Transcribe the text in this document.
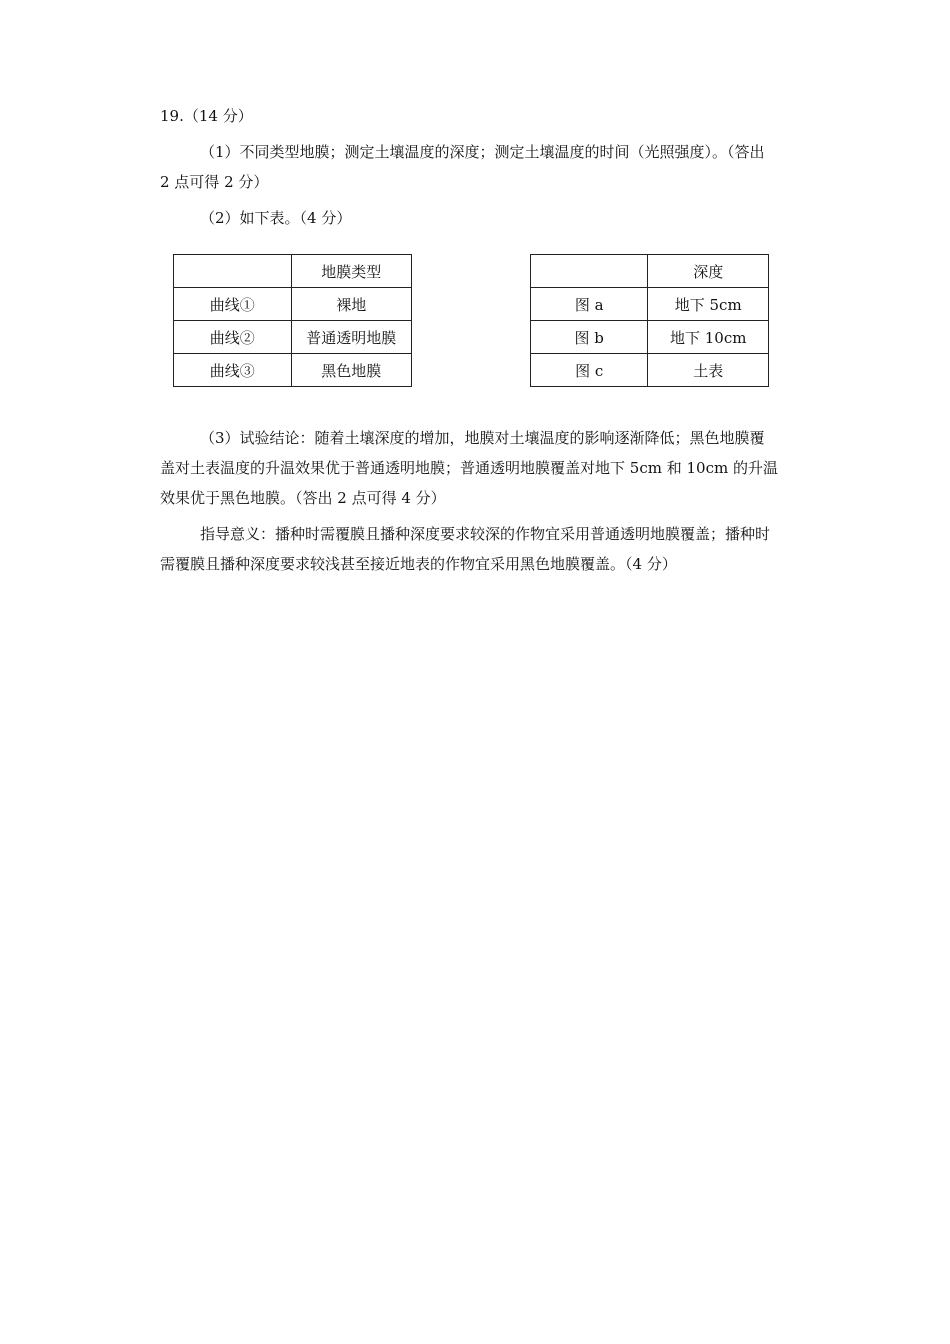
19.（14 分）
（1）不同类型地膜；测定土壤温度的深度；测定土壤温度的时间（光照强度）。（答出
2 点可得 2 分）
（2）如下表。（4 分）
	地膜类型
曲线①	裸地
曲线②	普通透明地膜
曲线③	黑色地膜
	深度
图 a	地下 5cm
图 b	地下 10cm
图 c	土表
（3）试验结论：随着土壤深度的增加，地膜对土壤温度的影响逐渐降低；黑色地膜覆
盖对土表温度的升温效果优于普通透明地膜；普通透明地膜覆盖对地下 5cm 和 10cm 的升温
效果优于黑色地膜。（答出 2 点可得 4 分）
指导意义：播种时需覆膜且播种深度要求较深的作物宜采用普通透明地膜覆盖；播种时
需覆膜且播种深度要求较浅甚至接近地表的作物宜采用黑色地膜覆盖。（4 分）
